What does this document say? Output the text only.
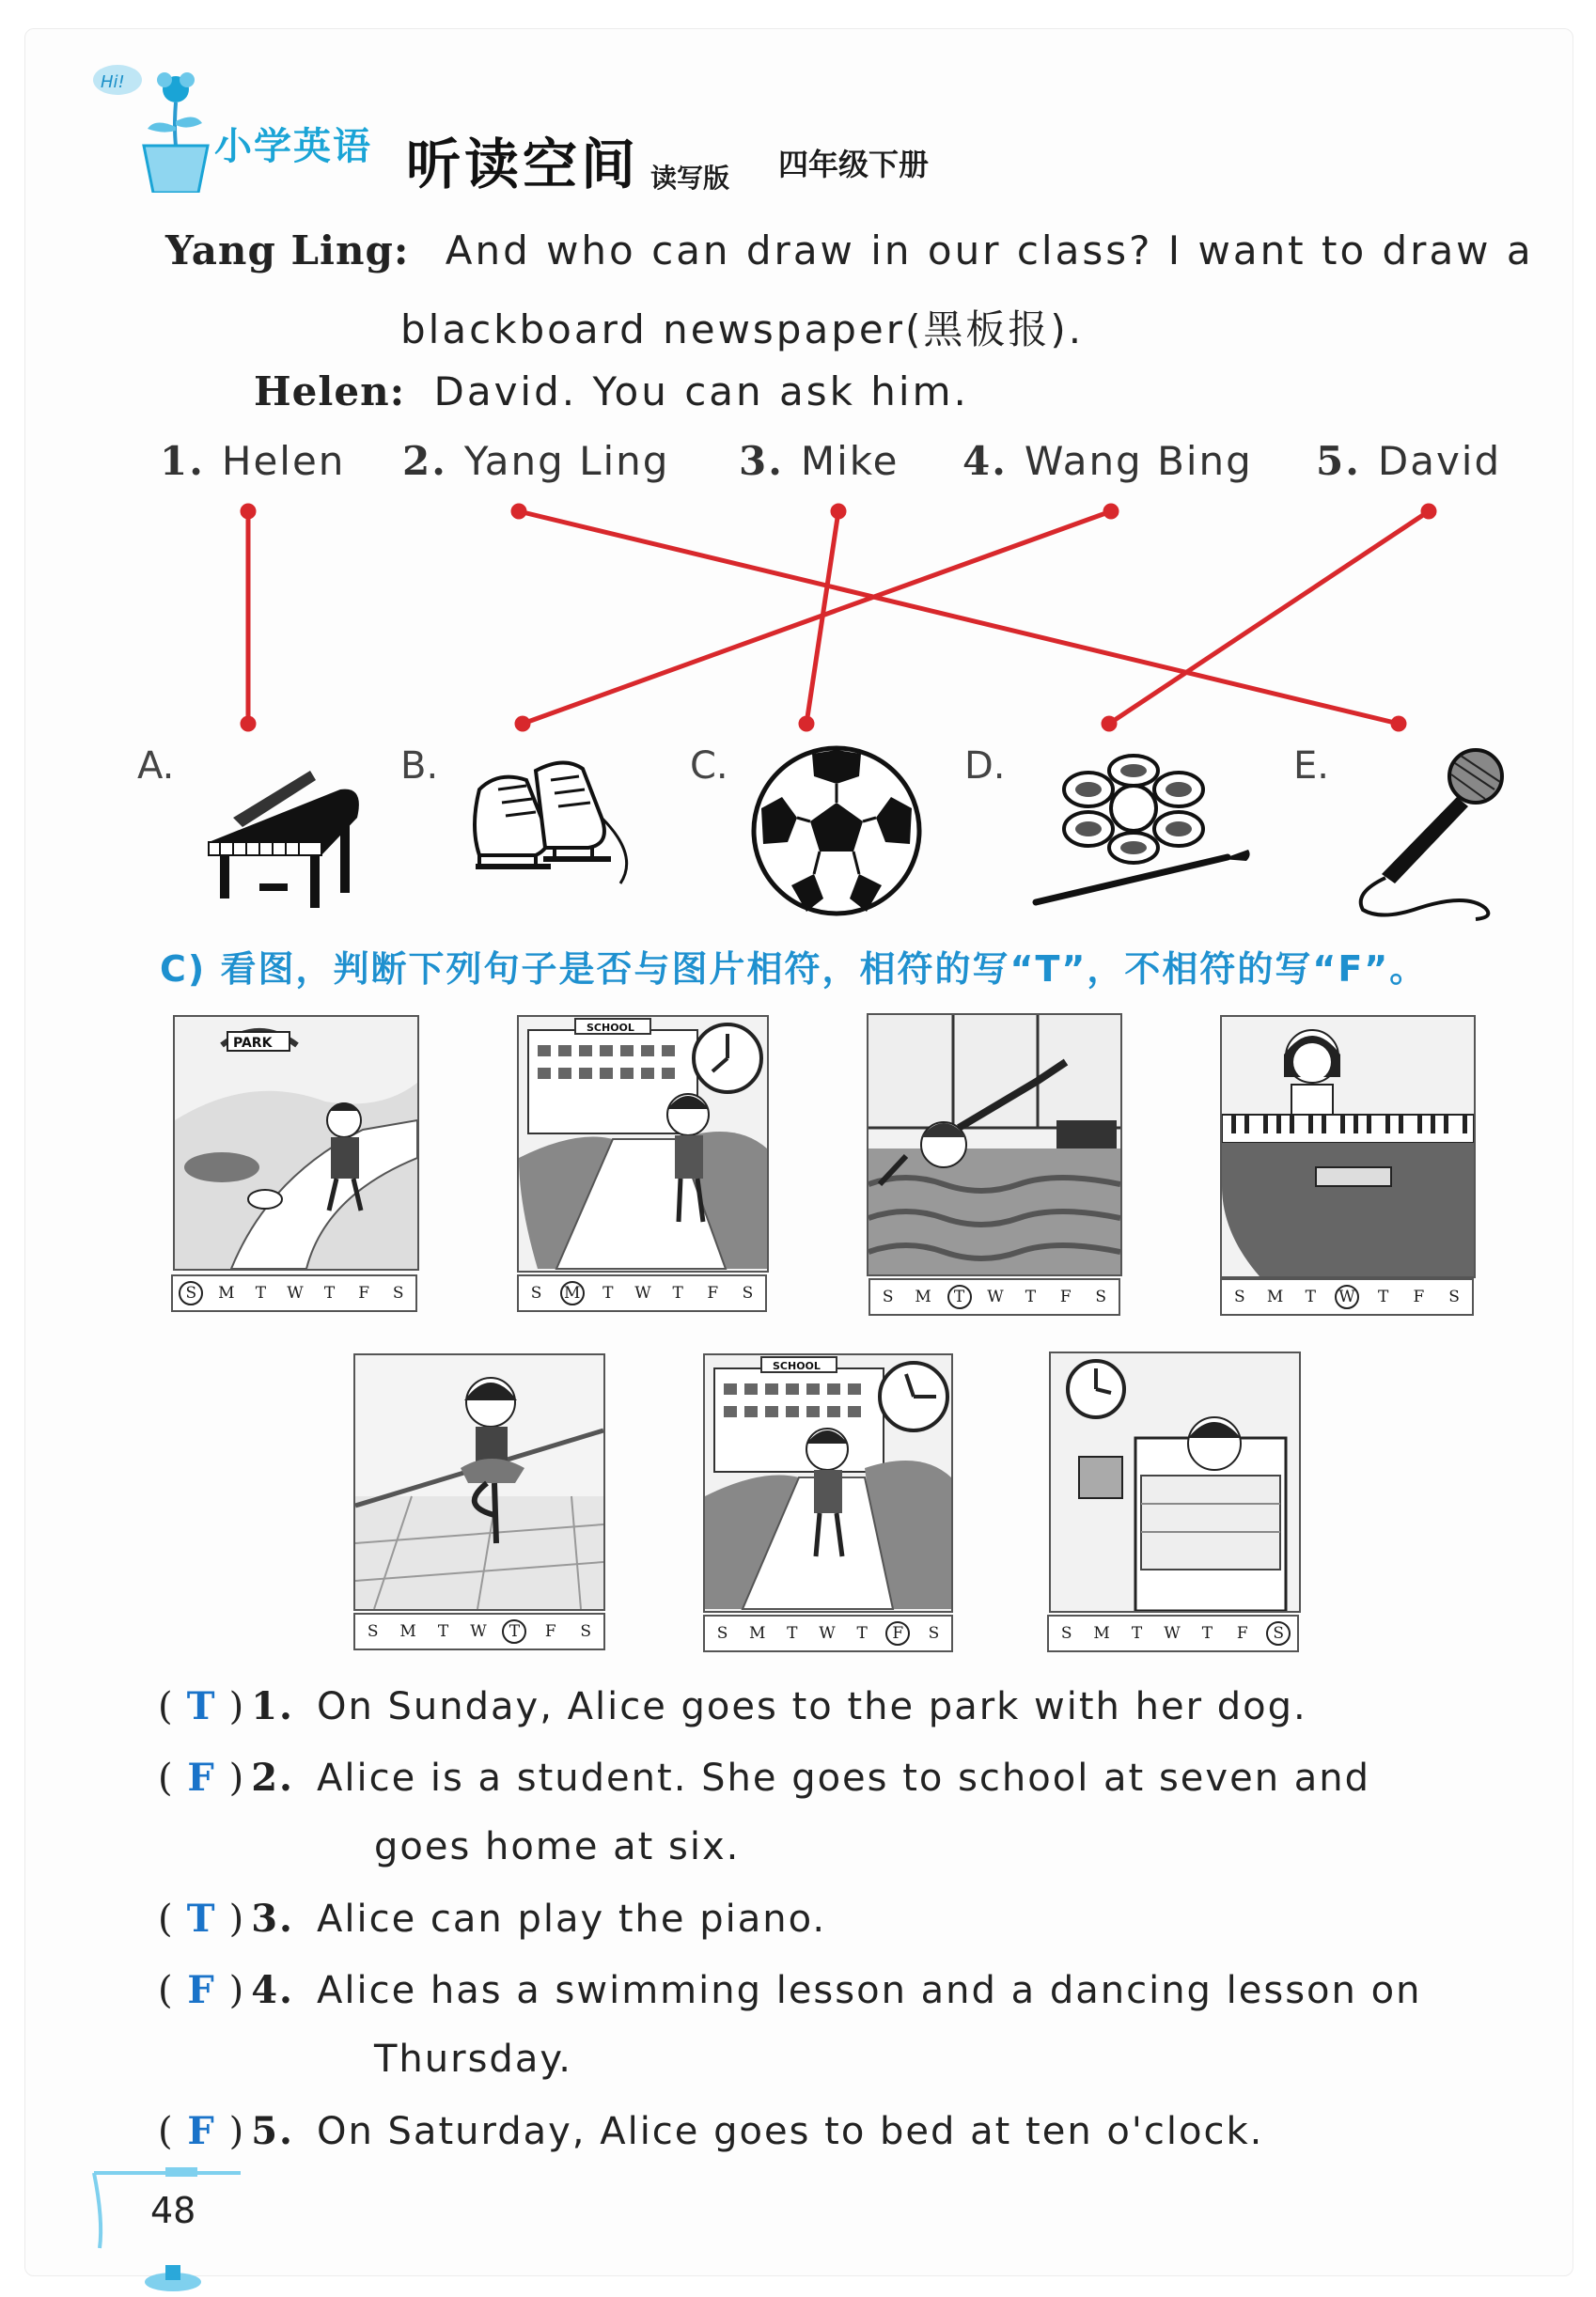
Hi!
小学英语 听读空间 读写版 四年级下册
Yang Ling: And who can draw in our class? I want to draw a
blackboard newspaper(黑板报).
Helen: David. You can ask him.
1. Helen 2. Yang Ling 3. Mike 4. Wang Bing 5. David
A.	B.	C.	D.	E.
C) 看图，判断下列句子是否与图片相符，相符的写“T”，不相符的写“F”。
PARK
S	M	T	W	T	F	S
SCHOOL
S	M	T	W	T	F	S	S	M	T	W	T	F	S	S	M	T	W	T	F	S
S	M	T	W	T	F	S
SCHOOL
S	M	T	W	T	F	S	S	M	T	W	T	F	S
( T ) 1. On Sunday, Alice goes to the park with her dog.
( F ) 2. Alice is a student. She goes to school at seven and
goes home at six.
( T ) 3. Alice can play the piano.
( F ) 4. Alice has a swimming lesson and a dancing lesson on
Thursday.
( F ) 5. On Saturday, Alice goes to bed at ten o'clock.
48
